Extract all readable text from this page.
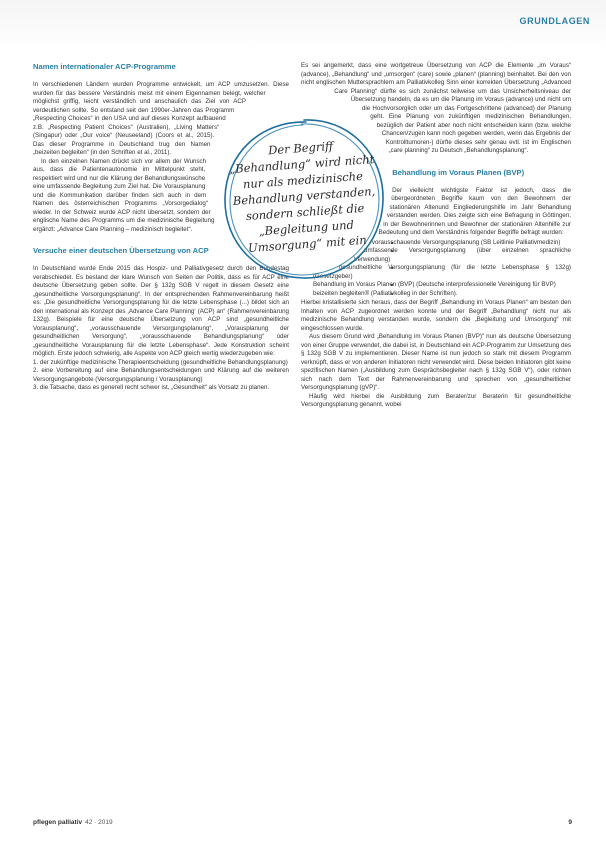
GRUNDLAGEN
Namen internationaler ACP-Programme

In verschiedenen Ländern wurden Programme entwickelt, um ACP umzusetzen. Diese wurden für das bessere Verständnis meist mit einem Eigennamen belegt, welcher möglichst griffig, leicht verständlich und anschaulich das Ziel von ACP verdeutlichen sollte. So entstand seit den 1990er-Jahren das Programm „Respecting Choices“ in den USA und auf dieses Konzept aufbauend z.B. „Respecting Patient Choices“ (Australien), „Living Matters“ (Singapur) oder „Our voice“ (Neuseeland) (Coors et al., 2015). Das dieser Programme in Deutschland trug den Namen „beizeiten begleiten“ (in den Schriften et al., 2011).

In den einzelnen Namen drückt sich vor allem der Wunsch aus, dass die Patientenautonomie im Mittelpunkt steht, respektiert wird und nur die Klärung der Behandlungswünsche eine umfassende Begleitung zum Ziel hat. Die Vorausplanung und die Kommunikation darüber finden sich auch in dem Namen des österreichischen Programms „Vorsorgedialog“ wieder. In der Schweiz wurde ACP nicht übersetzt, sondern der englische Name des Programms um die medizinische Begleitung ergänzt: „Advance Care Planning – medizinisch begleitet“.

Versuche einer deutschen Übersetzung von ACP

In Deutschland wurde Ende 2015 das Hospiz- und Palliativgesetz durch den Bundestag verabschiedet. Es bestand der klare Wunsch von Seiten der Politik, dass es für ACP eine deutsche Übersetzung geben sollte. Der § 132g SGB V regelt in diesem Gesetz eine „gesundheitliche Versorgungsplanung“. In der entsprechenden Rahmenvereinbarung heißt es: „Die gesundheitliche Versorgungsplanung für die letzte Lebensphase (...) bildet sich an den international als Konzept des ‚Advance Care Planning‘ (ACP) an“ (Rahmenvereinbarung 132g). Beispiele für eine deutsche Übersetzung von ACP sind „gesundheitliche Vorausplanung“, „vorausschauende Versorgungsplanung“, „Vorausplanung der gesundheitlichen Versorgung“, „vorausschauende Behandlungsplanung“ oder „gesundheitliche Vorausplanung für die letzte Lebensphase“. Jede Konstruktion scheint möglich. Erste jedoch schwierig, alle Aspekte von ACP gleich wertig wiederzugeben wie:

1. der zukünftige medizinische Therapieentscheidung (gesundheitliche Behandlungsplanung)
2. eine Vorbereitung auf eine Behandlungsentscheidungen und Klärung auf die weiteren Versorgungsangebote (Versorgungsplanung / Vorausplanung)
3. die Tatsache, dass es generell recht schwer ist, „Gesundheit“ als Vorsatz zu planen.

Es sei angemerkt, dass eine wortgetreue Übersetzung von ACP die Elemente „im Voraus“ (advance), „Behandlung“ und „umsorgen“ (care) sowie „planen“ (planning) beinhaltet. Bei den von nicht englischen Muttersprachlern am Palliativkolleg Sinn einer korrekten Übersetzung „Advanced Care Planning“ dürfte es sich zunächst teilweise um das Unsicherheitsniveau der Übersetzung handeln, da es um die Planung im Voraus (advance) und nicht um die Hochvorsorglich oder um das Fortgeschrittene (advanced) der Planung geht. Eine Planung von zukünftigen medizinischen Behandlungen, bezüglich der Patient aber noch nicht entscheiden kann (bzw. welche Chancen/zugen kann noch gegeben werden, wenn das Ergebnis der Kontrolltumoren-) dürfte dieses sehr genau evtl. ist im Englischen „care planning“ zu Deutsch „Behandlungsplanung“.

Behandlung im Voraus Planen (BVP)

Der vielleicht wichtigste Faktor ist jedoch, dass die übergeordneten Begriffe kaum von den Bewohnern der stationären Altenund Eingliederungshilfe im Jahr Behandlung verstanden werden. Dies zeigte sich eine Befragung in Göttingen, in der Bewohnerinnen und Bewohner der stationären Altenhilfe zur Bedeutung und dem Verständnis folgender Begriffe befragt wurden:

• vorausschauende Versorgungsplanung (SB Leitlinie Palliativmedizin)
• umfassende Versorgungsplanung (über einzelnen sprachliche Verwendung)
• gesundheitliche Versorgungsplanung (für die letzte Lebensphase § 132g) (Gesetzgeber)
• Behandlung im Voraus Planen (BVP) (Deutsche interprofessionelle Vereinigung für BVP)
• beizeiten begleiten® (Palliativkolleg in der Schriften).

Hierbei kristallisierte sich heraus, dass der Begriff „Behandlung im Voraus Planen“ am besten den Inhalten von ACP zugeordnet werden konnte und der Begriff „Behandlung“ nicht nur als medizinische Behandlung verstanden wurde, sondern die „Begleitung und Umsorgung“ mit eingeschlossen wurde.

Aus diesem Grund wird „Behandlung im Voraus Planen (BVP)“ nun als deutsche Übersetzung von einer Gruppe verwendet, die dabei ist, in Deutschland ein ACP-Programm zur Umsetzung des § 132g SGB V zu implementieren. Dieser Name ist nun jedoch so stark mit diesem Programm verknüpft, dass er von anderen Initiatoren nicht verwendet wird. Diese beiden Initiatoren gibt keine spezifischen Namen („Ausbildung zum Gesprächsbegleiter nach § 132g SGB V“), oder richten sich nach dem Text der Rahmenvereinbarung und sprechen von „gesundheitlicher Versorgungsplanung (gVP)“.

Häufig wird hierbei die Ausbildung zum Berater/zur Beraterin für gesundheitliche Versorgungsplanung genannt, wobei

Der Begriff „Behandlung“ wird nicht nur als medizinische Behandlung verstanden, sondern schließt die „Begleitung und Umsorgung“ mit ein
pflegen palliativ 42 · 2019	9
